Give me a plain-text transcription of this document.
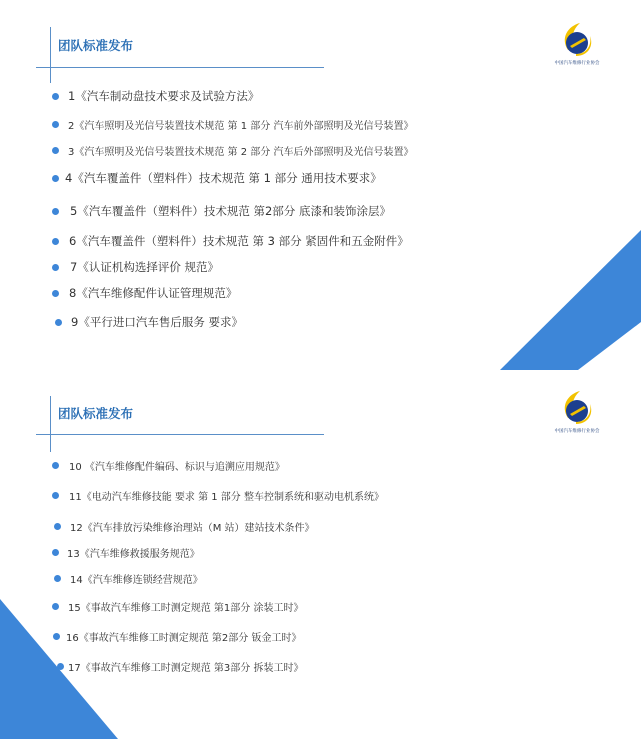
团队标准发布
中国汽车维修行业协会
1《汽车制动盘技术要求及试验方法》
2《汽车照明及光信号装置技术规范 第 1 部分 汽车前外部照明及光信号装置》
3《汽车照明及光信号装置技术规范 第 2 部分 汽车后外部照明及光信号装置》
4《汽车覆盖件（塑料件）技术规范 第 1 部分 通用技术要求》
5《汽车覆盖件（塑料件）技术规范 第2部分 底漆和装饰涂层》
6《汽车覆盖件（塑料件）技术规范 第 3 部分 紧固件和五金附件》
7《认证机构选择评价 规范》
8《汽车维修配件认证管理规范》
9《平行进口汽车售后服务 要求》
团队标准发布
中国汽车维修行业协会
10 《汽车维修配件编码、标识与追溯应用规范》
11《电动汽车维修技能 要求 第 1 部分 整车控制系统和驱动电机系统》
12《汽车排放污染维修治理站（M 站）建站技术条件》
13《汽车维修救援服务规范》
14《汽车维修连锁经营规范》
15《事故汽车维修工时测定规范 第1部分 涂装工时》
16《事故汽车维修工时测定规范 第2部分 钣金工时》
17《事故汽车维修工时测定规范 第3部分 拆装工时》
